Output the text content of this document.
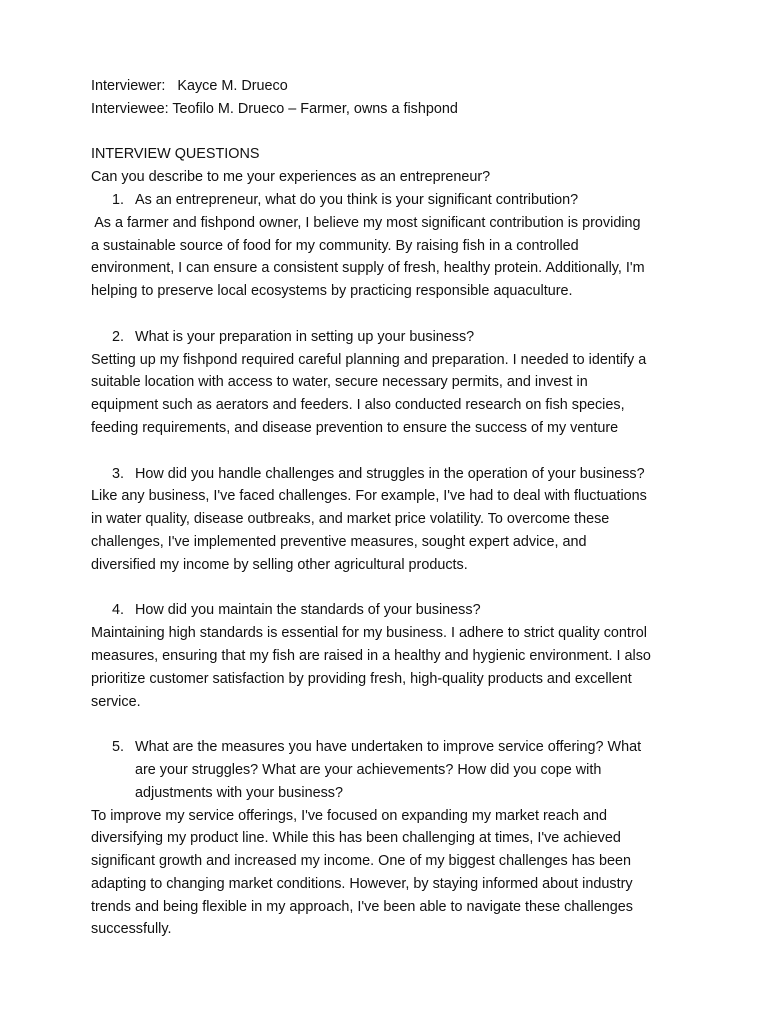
Interviewer:   Kayce M. Drueco
Interviewee: Teofilo M. Drueco – Farmer, owns a fishpond
INTERVIEW QUESTIONS
Can you describe to me your experiences as an entrepreneur?
1. As an entrepreneur, what do you think is your significant contribution?
As a farmer and fishpond owner, I believe my most significant contribution is providing
a sustainable source of food for my community. By raising fish in a controlled
environment, I can ensure a consistent supply of fresh, healthy protein. Additionally, I'm
helping to preserve local ecosystems by practicing responsible aquaculture.
2. What is your preparation in setting up your business?
Setting up my fishpond required careful planning and preparation. I needed to identify a
suitable location with access to water, secure necessary permits, and invest in
equipment such as aerators and feeders. I also conducted research on fish species,
feeding requirements, and disease prevention to ensure the success of my venture
3. How did you handle challenges and struggles in the operation of your business?
Like any business, I've faced challenges. For example, I've had to deal with fluctuations
in water quality, disease outbreaks, and market price volatility. To overcome these
challenges, I've implemented preventive measures, sought expert advice, and
diversified my income by selling other agricultural products.
4. How did you maintain the standards of your business?
Maintaining high standards is essential for my business. I adhere to strict quality control
measures, ensuring that my fish are raised in a healthy and hygienic environment. I also
prioritize customer satisfaction by providing fresh, high-quality products and excellent
service.
5. What are the measures you have undertaken to improve service offering? What
are your struggles? What are your achievements? How did you cope with
adjustments with your business?
To improve my service offerings, I've focused on expanding my market reach and
diversifying my product line. While this has been challenging at times, I've achieved
significant growth and increased my income. One of my biggest challenges has been
adapting to changing market conditions. However, by staying informed about industry
trends and being flexible in my approach, I've been able to navigate these challenges
successfully.
